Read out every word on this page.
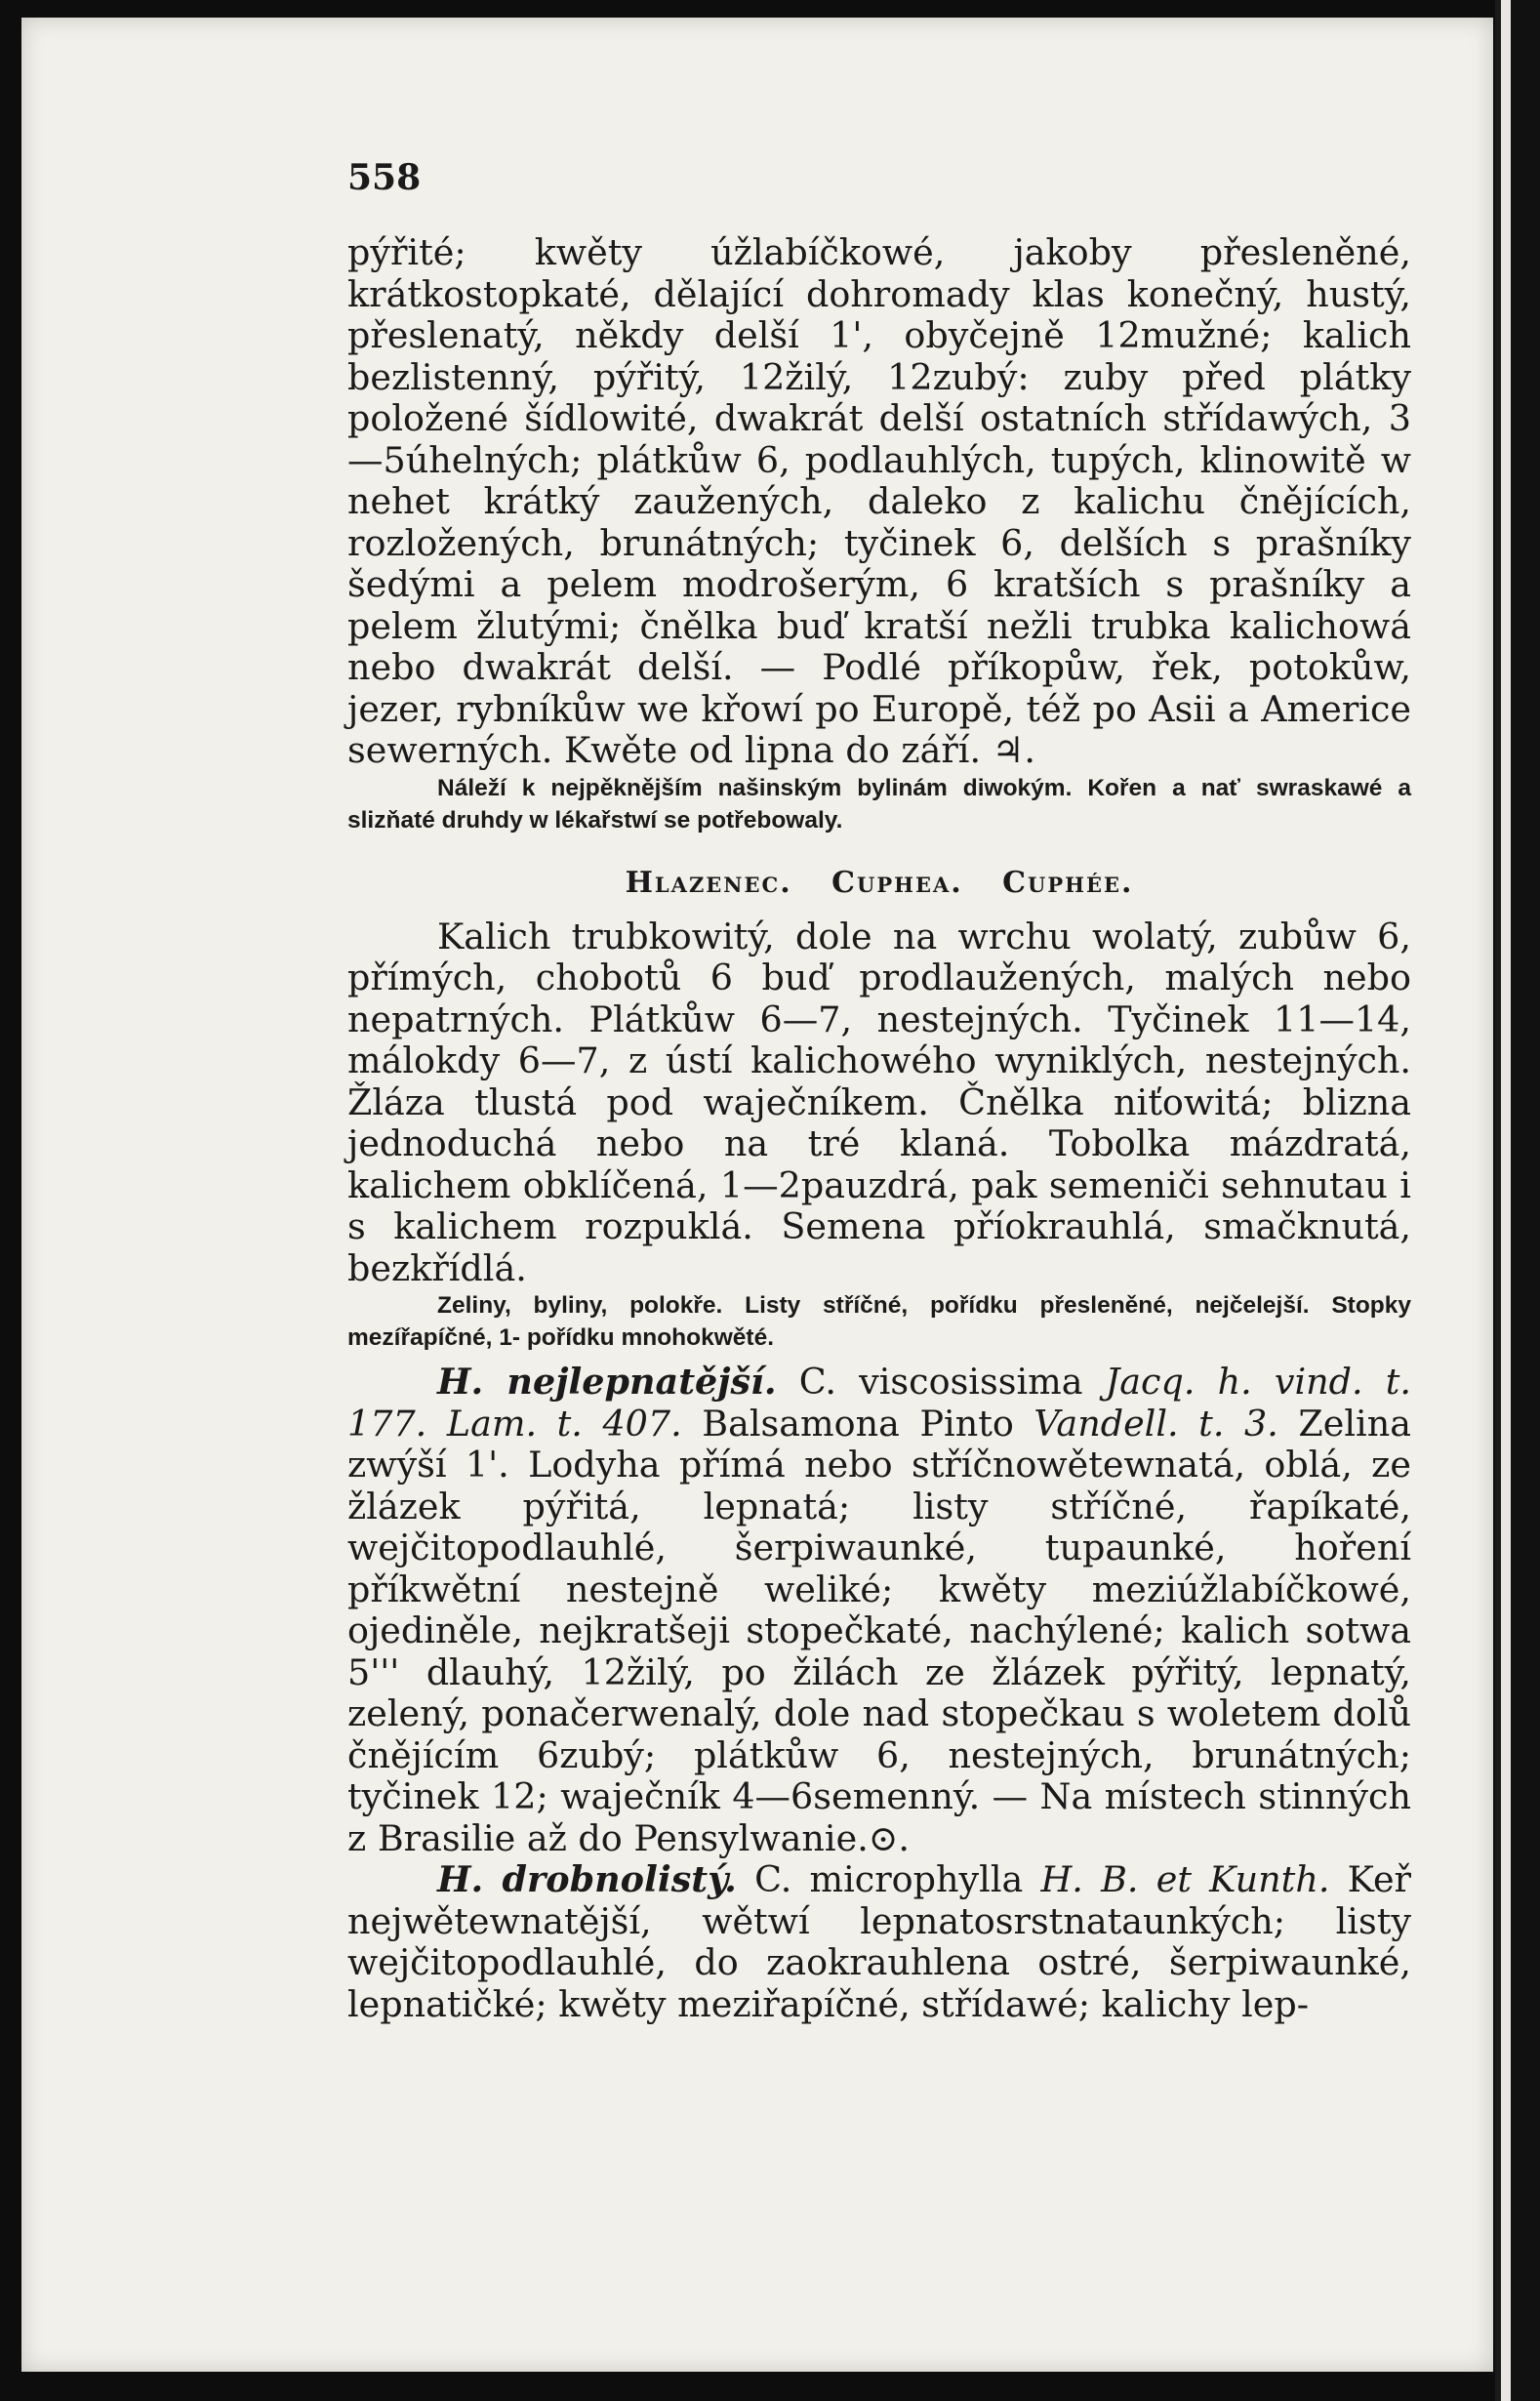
558

pýřité; kwěty úžlabíčkowé, jakoby přesleněné, krátkostopkaté, dělající dohromady klas konečný, hustý, přeslenatý, někdy delší 1', obyčejně 12mužné; kalich bezlistenný, pýřitý, 12žilý, 12zubý: zuby před plátky položené šídlowité, dwakrát delší ostatních střídawých, 3—5úhelných; plátkůw 6, podlauhlých, tupých, klinowitě w nehet krátký zaužených, daleko z kalichu čnějících, rozložených, brunátných; tyčinek 6, delších s prašníky šedými a pelem modrošerým, 6 kratších s prašníky a pelem žlutými; čnělka buď kratší nežli trubka kalichowá nebo dwakrát delší. — Podlé příkopůw, řek, potokůw, jezer, rybníkůw we křowí po Europě, též po Asii a Americe sewerných. Kwěte od lipna do září. ♃.

Náleží k nejpěknějším našinským bylinám diwokým. Kořen a nať swraskawé a slizňaté druhdy w lékařstwí se potřebowaly.

Hlazenec. Cuphea. Cuphée.

Kalich trubkowitý, dole na wrchu wolatý, zubůw 6, přímých, chobotů 6 buď prodlaužených, malých nebo nepatrných. Plátkůw 6—7, nestejných. Tyčinek 11—14, málokdy 6—7, z ústí kalichowého wyniklých, nestejných. Žláza tlustá pod waječníkem. Čnělka niťowitá; blizna jednoduchá nebo na tré klaná. Tobolka mázdratá, kalichem obklíčená, 1—2pauzdrá, pak semeniči sehnutau i s kalichem rozpuklá. Semena příokrauhlá, smačknutá, bezkřídlá.

Zeliny, byliny, polokře. Listy stříčné, pořídku přesleněné, nejčelejší. Stopky mezířapíčné, 1- pořídku mnohokwěté.

H. nejlepnatější. C. viscosissima Jacq. h. vind. t. 177. Lam. t. 407. Balsamona Pinto Vandell. t. 3. Zelina zwýší 1'. Lodyha přímá nebo stříčnowětewnatá, oblá, ze žlázek pýřitá, lepnatá; listy stříčné, řapíkaté, wejčitopodlauhlé, šerpiwaunké, tupaunké, hoření příkwětní nestejně weliké; kwěty meziúžlabíčkowé, ojediněle, nejkratšeji stopečkaté, nachýlené; kalich sotwa 5''' dlauhý, 12žilý, po žilách ze žlázek pýřitý, lepnatý, zelený, ponačerwenalý, dole nad stopečkau s woletem dolů čnějícím 6zubý; plátkůw 6, nestejných, brunátných; tyčinek 12; waječník 4—6semenný. — Na místech stinných z Brasilie až do Pensylwanie.⊙.

H. drobnolistý. C. microphylla H. B. et Kunth. Keř nejwětewnatější, wětwí lepnatosrstnataunkých; listy wejčitopodlauhlé, do zaokrauhlena ostré, šerpiwaunké, lepnatičké; kwěty meziřapíčné, střídawé; kalichy lep-
